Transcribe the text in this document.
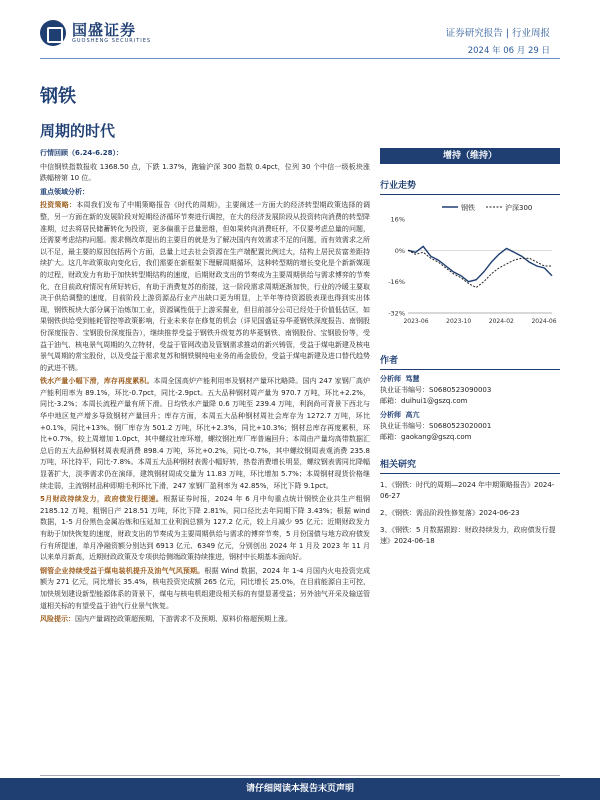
国盛证券
GUOSHENG SECURITIES
证券研究报告 | 行业周报
2024 年 06 月 29 日
钢铁
周期的时代

行情回顾（6.24-6.28）：

中信钢铁指数报收 1368.50 点，下跌 1.37%，跑输沪深 300 指数 0.4pct，位列 30 个中信一级板块涨跌幅榜第 10 位。

重点领域分析：

投资策略：本周我们发布了中期策略报告《时代的周期》，主要阐述一方面大的经济转型期政策选择的调整，另一方面在新的发展阶段对短期经济循环节奏进行调控，在大的经济发展阶段从投资转向消费的转型降准期，过去将居民储蓄转化为投资，更多偏重于总量思维，但如果转向消费旺杆，不仅要考虑总量的问题，还需要考虑结构问题。需求侧改革提出的主要目的就是为了解决国内有效需求不足的问题，而有效需求之所以不足，最主要的原因包括两个方面，总量上过去社会资源在生产端配置比例过大，结构上居民贫富差距持续扩大。这几年政策取向变化后，我们需要在新框架下理解周期循环，这种转型期的增长变化是个新新媒现的过程，财政发力有助于加快转型期结构的速度，后期财政支出的节奏成为主要周期供给与需求博弈的节奏化，在目前政府情况有所好转后，有助于消费复苏的衔接，这一阶段需求周期逐渐加快，行业的冷暖主要取决于供给调整的速度，目前阶段上游资源品行业产出缺口更为明显，上半年等待资源股表现也得到实出体现，钢铁板块大部分属于冶炼加工业，资源属性低于上游采掘业，但目前部分公司已经处于价值低估区，如果钢铁供给受到能耗管控等政策影响，行业未来存在修复的机会（详见国盛证券华菱钢铁深度报告、南钢股份深度报告、宝钢股份深度报告），继续推荐受益于钢铁升级复苏的华菱钢铁、南钢股份、宝钢股份等，受益于油气、核电景气周期的久立特材，受益于管网改造及管钢需求推动的新兴铸管，受益于煤电新建及核电景气周期的常宝股份，以及受益于需求复苏和钢铁铜纯电业务的甬金股份，受益于煤电新建及进口替代趋势的武进不锈。

铁水产量小幅下滑，库存再度累积。本周全国高炉产能利用率及钢材产量环比略降。国内 247 家钢厂高炉产能利用率为 89.1%，环比-0.7pct，同比-2.9pct。五大品种钢材周产量为 970.7 万吨，环比+2.2%，同比-3.2%；本周长流程产量有所下滑。日均铁水产量降 0.6 万吨至 239.4 万吨，利润尚可背景下西北与华中地区复产增多导致钢材产量回升；库存方面，本周五大品种钢材周社会库存为 1272.7 万吨，环比+0.1%，同比+13%。钢厂库存为 501.2 万吨，环比+2.3%，同比+10.3%；钢材总库存再度累积，环比+0.7%，较上周增加 1.0pct，其中螺纹社库环增，螺纹钢社库厂库普遍回升；本周由产量均高带数据汇总后的五大品种钢材周表观消费 898.4 万吨，环比+0.2%，同比-0.7%，其中螺纹钢周表观消费 235.8 万吨，环比持平，同比-7.8%。本周五大品种钢材表需小幅好转，热卷消费增长明显，螺纹钢表需同比降幅显著扩大，淡季需求仍在演绎，建筑钢材周成交量为 11.83 万吨，环比增加 5.7%；本周钢材现货价格继续走弱，主流钢材品种即期毛利环比下滑，247 家钢厂盈利率为 42.85%，环比下降 9.1pct。

5月财政持续发力，政府债发行提速。根据证券时报，2024 年 6 月中旬重点统计钢铁企业共生产粗钢 2185.12 万吨，粗钢日产 218.51 万吨，环比下降 2.81%，同口径比去年同期下降 3.43%；根据 wind 数据，1-5 月份黑色金属冶炼和压延加工业利润总额为 127.2 亿元，较上月减少 95 亿元；近期财政发力有助于加快恢复的速度，财政支出的节奏成为主要周期供给与需求的博弈节奏，5 月份国债与地方政府债发行有所提速，单月净融资额分别达到 6913 亿元、6349 亿元，分别创出 2024 年 1 月及 2023 年 11 月以来单月新高，近期财政政策及专项供给侧端政策持续推进，钢材中长期基本面向好。

钢管企业持续受益于煤电装机提升及油气气风预期。根据 Wind 数据，2024 年 1-4 月国内火电投资完成额为 271 亿元，同比增长 35.4%，核电投资完成额 265 亿元，同比增长 25.0%，在目前能源自主可控，加快规划建设新型能源体系的背景下，煤电与核电机组建设相关标的有望显著受益；另外油气开采及输送管道相关标的有望受益于油气行业景气恢复。

风险提示：国内产量调控政策超预期、下游需求不及预期、原料价格超预期上涨。

增持（维持）
行业走势
钢铁	沪深300
16%
0%
-16%
-32%
2023-06	2023-10	2024-02	2024-06
作者
分析师 笃慧
执业证书编号：S0680523090003
邮箱：duihui1@gszq.com
分析师 高亢
执业证书编号：S0680523020001
邮箱：gaokang@gszq.com
相关研究
1、《钢铁：时代的周期—2024 年中期策略报告》2024-06-27
2、《钢铁：需品阶段性修复落》2024-06-23
3、《钢铁：5 月数据跟踪：财政持续发力，政府债发行提速》2024-06-18
请仔细阅读本报告末页声明
